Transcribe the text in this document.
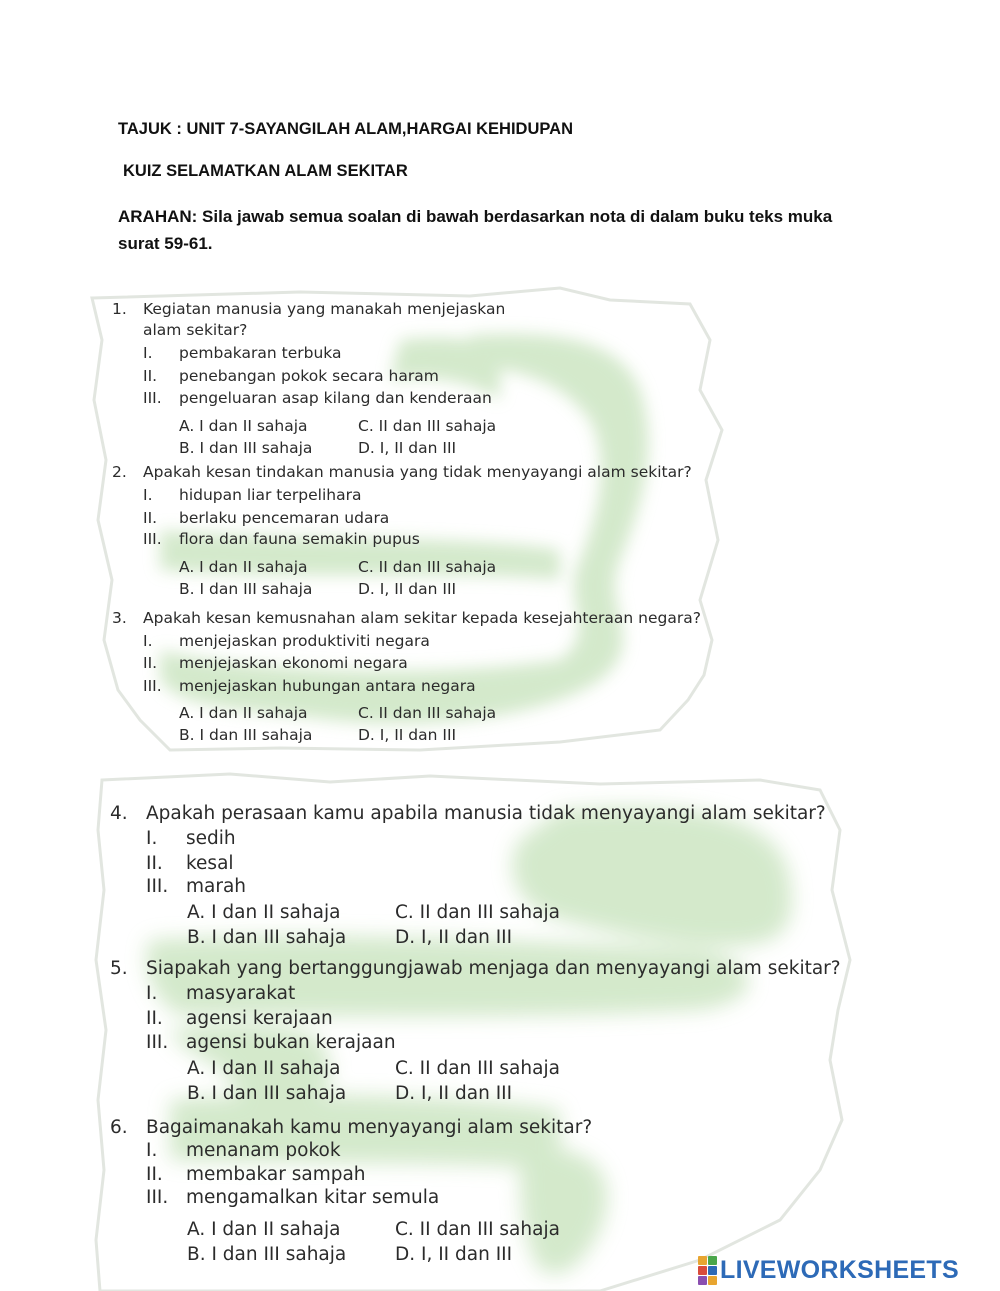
TAJUK : UNIT 7-SAYANGILAH ALAM,HARGAI KEHIDUPAN
KUIZ SELAMATKAN ALAM SEKITAR
ARAHAN: Sila jawab semua soalan di bawah berdasarkan nota di dalam buku teks muka surat 59-61.
1. Kegiatan manusia yang manakah menjejaskan
alam sekitar?
I. pembakaran terbuka
II. penebangan pokok secara haram
III. pengeluaran asap kilang dan kenderaan
A. I dan II sahaja	C. II dan III sahaja
B. I dan III sahaja	D. I, II dan III
2. Apakah kesan tindakan manusia yang tidak menyayangi alam sekitar?
I. hidupan liar terpelihara
II. berlaku pencemaran udara
III. flora dan fauna semakin pupus
A. I dan II sahaja	C. II dan III sahaja
B. I dan III sahaja	D. I, II dan III
3. Apakah kesan kemusnahan alam sekitar kepada kesejahteraan negara?
I. menjejaskan produktiviti negara
II. menjejaskan ekonomi negara
III. menjejaskan hubungan antara negara
A. I dan II sahaja	C. II dan III sahaja
B. I dan III sahaja	D. I, II dan III
4. Apakah perasaan kamu apabila manusia tidak menyayangi alam sekitar?
I. sedih
II. kesal
III. marah
A. I dan II sahaja	C. II dan III sahaja
B. I dan III sahaja	D. I, II dan III
5. Siapakah yang bertanggungjawab menjaga dan menyayangi alam sekitar?
I. masyarakat
II. agensi kerajaan
III. agensi bukan kerajaan
A. I dan II sahaja	C. II dan III sahaja
B. I dan III sahaja	D. I, II dan III
6. Bagaimanakah kamu menyayangi alam sekitar?
I. menanam pokok
II. membakar sampah
III. mengamalkan kitar semula
A. I dan II sahaja	C. II dan III sahaja
B. I dan III sahaja	D. I, II dan III
LIVEWORKSHEETS
